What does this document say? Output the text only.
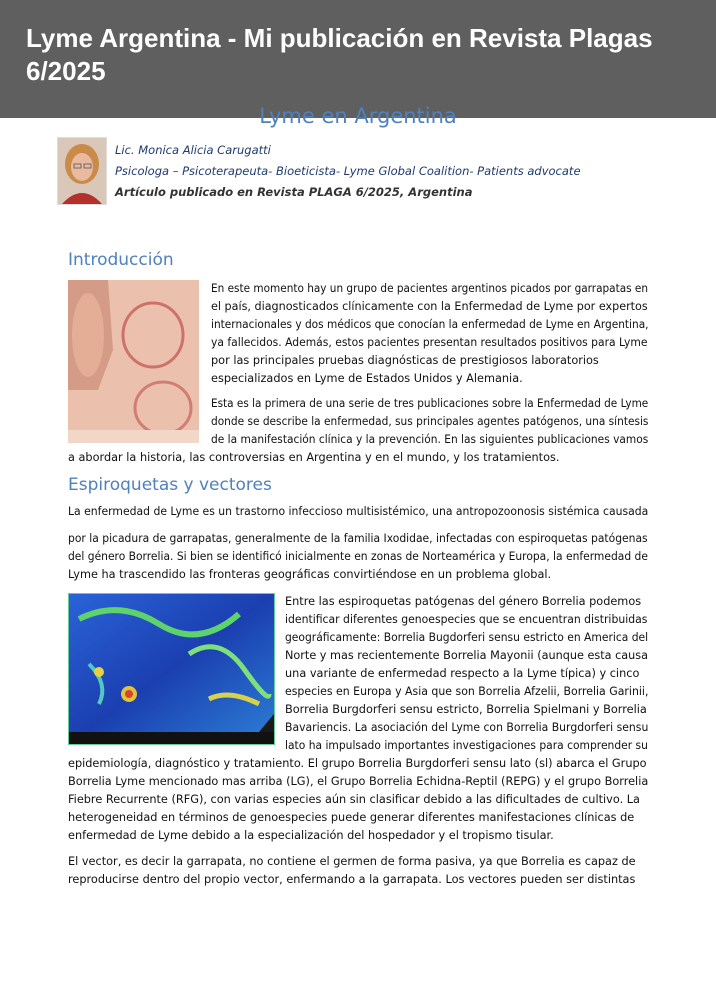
Lyme Argentina - Mi publicación en Revista Plagas 6/2025
Lyme en Argentina
Lic. Monica Alicia Carugatti
Psicologa – Psicoterapeuta- Bioeticista- Lyme Global Coalition- Patients advocate
Artículo publicado en Revista PLAGA 6/2025, Argentina
Introducción
En este momento hay un grupo de pacientes argentinos picados por garrapatas en
el país, diagnosticados clínicamente con la Enfermedad de Lyme por expertos
internacionales y dos médicos que conocían la enfermedad de Lyme en Argentina,
ya fallecidos. Además, estos pacientes presentan resultados positivos para Lyme
por las principales pruebas diagnósticas de prestigiosos laboratorios
especializados en Lyme de Estados Unidos y Alemania.
Esta es la primera de una serie de tres publicaciones sobre la Enfermedad de Lyme
donde se describe la enfermedad, sus principales agentes patógenos, una síntesis
de la manifestación clínica y la prevención. En las siguientes publicaciones vamos
a abordar la historia, las controversias en Argentina y en el mundo, y los tratamientos.
Espiroquetas y vectores
La enfermedad de Lyme es un trastorno infeccioso multisistémico, una antropozoonosis sistémica causada
por la picadura de garrapatas, generalmente de la familia Ixodidae, infectadas con espiroquetas patógenas
del género Borrelia. Si bien se identificó inicialmente en zonas de Norteamérica y Europa, la enfermedad de
Lyme ha trascendido las fronteras geográficas convirtiéndose en un problema global.
Entre las espiroquetas patógenas del género Borrelia podemos
identificar diferentes genoespecies que se encuentran distribuidas
geográficamente: Borrelia Bugdorferi sensu estricto en America del
Norte y mas recientemente Borrelia Mayonii (aunque esta causa
una variante de enfermedad respecto a la Lyme típica) y cinco
especies en Europa y Asia que son Borrelia Afzelii, Borrelia Garinii,
Borrelia Burgdorferi sensu estricto, Borrelia Spielmani y Borrelia
Bavariencis. La asociación del Lyme con Borrelia Burgdorferi sensu
lato ha impulsado importantes investigaciones para comprender su
epidemiología, diagnóstico y tratamiento. El grupo Borrelia Burgdorferi sensu lato (sl) abarca el Grupo
Borrelia Lyme mencionado mas arriba (LG), el Grupo Borrelia Echidna-Reptil (REPG) y el grupo Borrelia
Fiebre Recurrente (RFG), con varias especies aún sin clasificar debido a las dificultades de cultivo. La
heterogeneidad en términos de genoespecies puede generar diferentes manifestaciones clínicas de
enfermedad de Lyme debido a la especialización del hospedador y el tropismo tisular.
El vector, es decir la garrapata, no contiene el germen de forma pasiva, ya que Borrelia es capaz de
reproducirse dentro del propio vector, enfermando a la garrapata. Los vectores pueden ser distintas
